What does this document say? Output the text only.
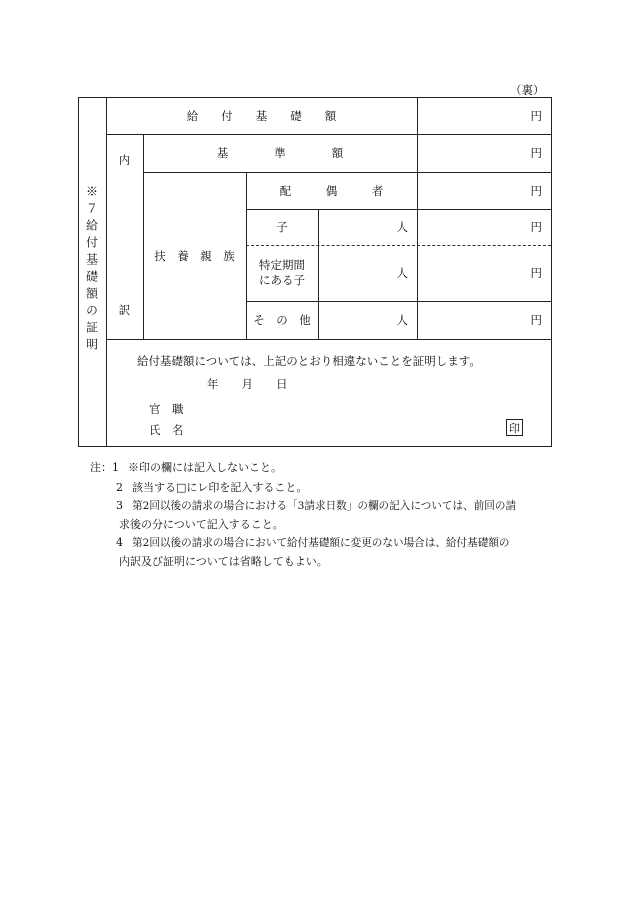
（裏）
※７給付基礎額の証明
給　　付　　基　　礎　　額	円
内
訳
基　　　　準　　　　額	円
扶　養　親　族
配　　　偶　　　者	円
子	人	円
特定期間
にある子	人	円
そ　の　他	人	円
給付基礎額については、上記のとおり相違ないことを証明します。
年　　月　　日
官　職
氏　名	印
注：1 ※印の欄には記入しないこと。
2 該当する□にレ印を記入すること。
3 第2回以後の請求の場合における「3請求日数」の欄の記入については、前回の請
求後の分について記入すること。
4 第2回以後の請求の場合において給付基礎額に変更のない場合は、給付基礎額の
内訳及び証明については省略してもよい。
